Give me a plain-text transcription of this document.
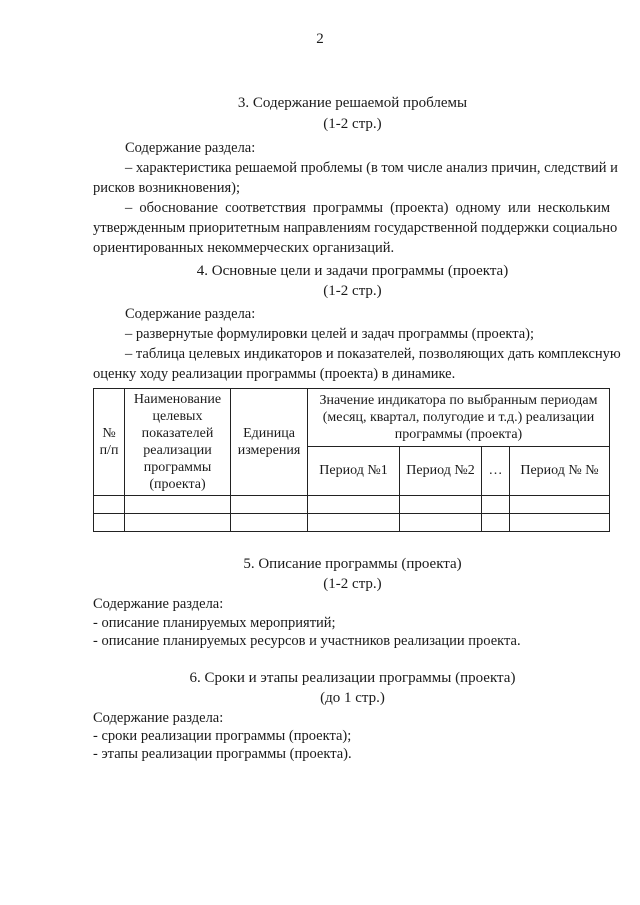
2
3. Содержание решаемой проблемы
(1-2 стр.)
Содержание раздела:
– характеристика решаемой проблемы (в том числе анализ причин, следствий и
рисков возникновения);
– обоснование соответствия программы (проекта) одному или нескольким
утвержденным приоритетным направлениям государственной поддержки социально
ориентированных некоммерческих организаций.
4. Основные цели и задачи программы (проекта)
(1-2 стр.)
Содержание раздела:
– развернутые формулировки целей и задач программы (проекта);
– таблица целевых индикаторов и показателей, позволяющих дать комплексную
оценку ходу реализации программы (проекта) в динамике.
№ п/п	Наименование целевых показателей реализации программы (проекта)	Единица измерения	Значение индикатора по выбранным периодам (месяц, квартал, полугодие и т.д.) реализации программы (проекта)			
			Период №1	Период №2	…	Период № №

5. Описание программы (проекта)
(1-2 стр.)
Содержание раздела:
- описание планируемых мероприятий;
- описание планируемых ресурсов и участников реализации проекта.
6. Сроки и этапы реализации программы (проекта)
(до 1 стр.)
Содержание раздела:
- сроки реализации программы (проекта);
- этапы реализации программы (проекта).
